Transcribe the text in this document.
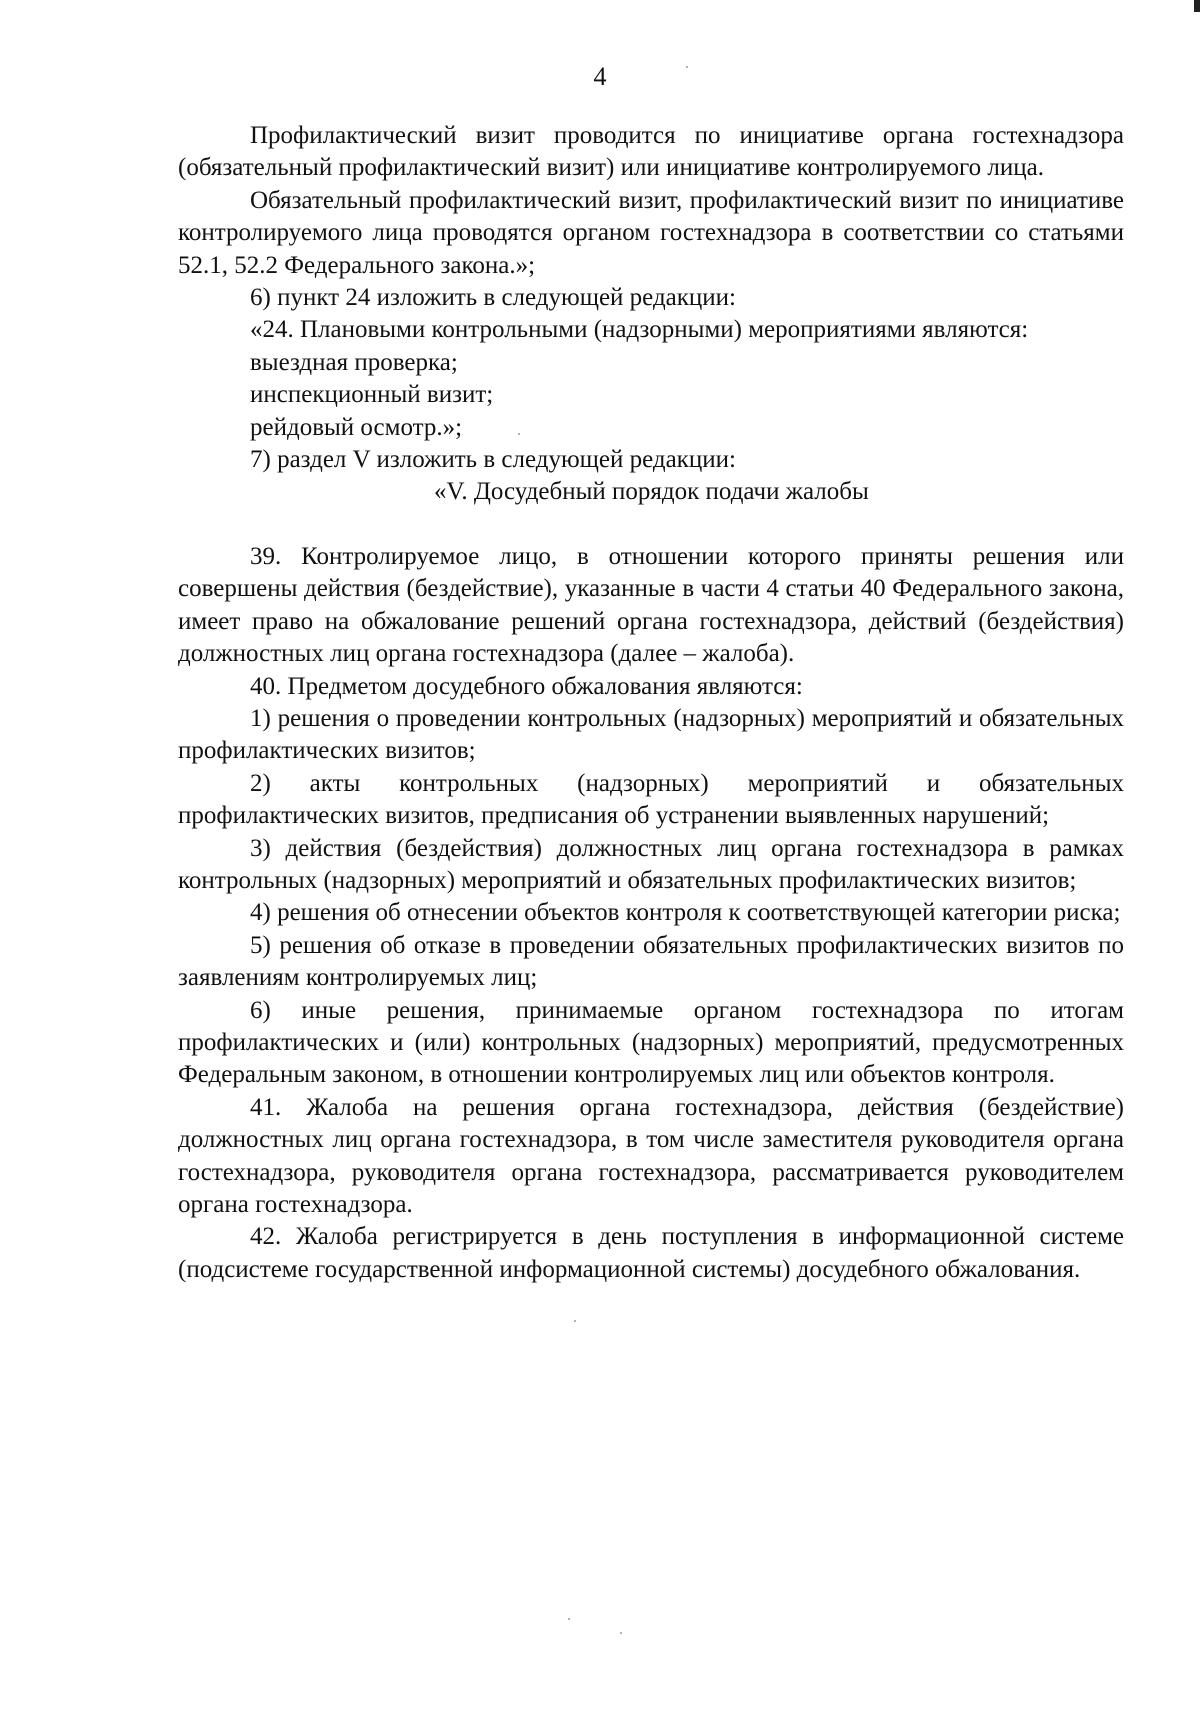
4

Профилактический визит проводится по инициативе органа гостехнадзора (обязательный профилактический визит) или инициативе контролируемого лица.

Обязательный профилактический визит, профилактический визит по инициативе контролируемого лица проводятся органом гостехнадзора в соответствии со статьями 52.1, 52.2 Федерального закона.»;

6) пункт 24 изложить в следующей редакции:

«24. Плановыми контрольными (надзорными) мероприятиями являются:

выездная проверка;

инспекционный визит;

рейдовый осмотр.»;

7) раздел V изложить в следующей редакции:

«V. Досудебный порядок подачи жалобы

39. Контролируемое лицо, в отношении которого приняты решения или совершены действия (бездействие), указанные в части 4 статьи 40 Федерального закона, имеет право на обжалование решений органа гостехнадзора, действий (бездействия) должностных лиц органа гостехнадзора (далее – жалоба).

40. Предметом досудебного обжалования являются:

1) решения о проведении контрольных (надзорных) мероприятий и обязательных профилактических визитов;

2) акты контрольных (надзорных) мероприятий и обязательных профилактических визитов, предписания об устранении выявленных нарушений;

3) действия (бездействия) должностных лиц органа гостехнадзора в рамках контрольных (надзорных) мероприятий и обязательных профилактических визитов;

4) решения об отнесении объектов контроля к соответствующей категории риска;

5) решения об отказе в проведении обязательных профилактических визитов по заявлениям контролируемых лиц;

6) иные решения, принимаемые органом гостехнадзора по итогам профилактических и (или) контрольных (надзорных) мероприятий, предусмотренных Федеральным законом, в отношении контролируемых лиц или объектов контроля.

41. Жалоба на решения органа гостехнадзора, действия (бездействие) должностных лиц органа гостехнадзора, в том числе заместителя руководителя органа гостехнадзора, руководителя органа гостехнадзора, рассматривается руководителем органа гостехнадзора.

42. Жалоба регистрируется в день поступления в информационной системе (подсистеме государственной информационной системы) досудебного обжалования.
